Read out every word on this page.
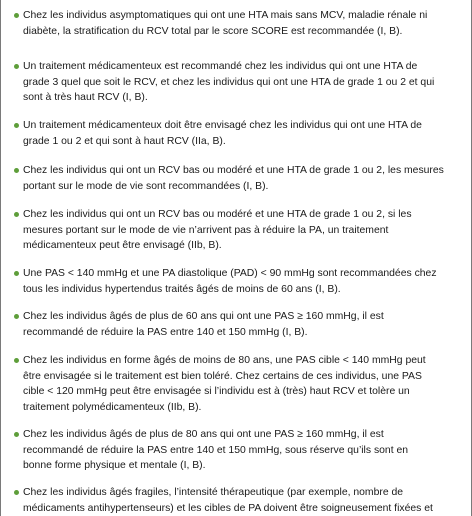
Chez les individus asymptomatiques qui ont une HTA mais sans MCV, maladie rénale ni
diabète, la stratification du RCV total par le score SCORE est recommandée (I, B).
Un traitement médicamenteux est recommandé chez les individus qui ont une HTA de
grade 3 quel que soit le RCV, et chez les individus qui ont une HTA de grade 1 ou 2 et qui
sont à très haut RCV (I, B).
Un traitement médicamenteux doit être envisagé chez les individus qui ont une HTA de
grade 1 ou 2 et qui sont à haut RCV (IIa, B).
Chez les individus qui ont un RCV bas ou modéré et une HTA de grade 1 ou 2, les mesures
portant sur le mode de vie sont recommandées (I, B).
Chez les individus qui ont un RCV bas ou modéré et une HTA de grade 1 ou 2, si les
mesures portant sur le mode de vie n’arrivent pas à réduire la PA, un traitement
médicamenteux peut être envisagé (IIb, B).
Une PAS < 140 mmHg et une PA diastolique (PAD) < 90 mmHg sont recommandées chez
tous les individus hypertendus traités âgés de moins de 60 ans (I, B).
Chez les individus âgés de plus de 60 ans qui ont une PAS ≥ 160 mmHg, il est
recommandé de réduire la PAS entre 140 et 150 mmHg (I, B).
Chez les individus en forme âgés de moins de 80 ans, une PAS cible < 140 mmHg peut
être envisagée si le traitement est bien toléré. Chez certains de ces individus, une PAS
cible < 120 mmHg peut être envisagée si l’individu est à (très) haut RCV et tolère un
traitement polymédicamenteux (IIb, B).
Chez les individus âgés de plus de 80 ans qui ont une PAS ≥ 160 mmHg, il est
recommandé de réduire la PAS entre 140 et 150 mmHg, sous réserve qu’ils sont en
bonne forme physique et mentale (I, B).
Chez les individus âgés fragiles, l’intensité thérapeutique (par exemple, nombre de
médicaments antihypertenseurs) et les cibles de PA doivent être soigneusement fixées et
